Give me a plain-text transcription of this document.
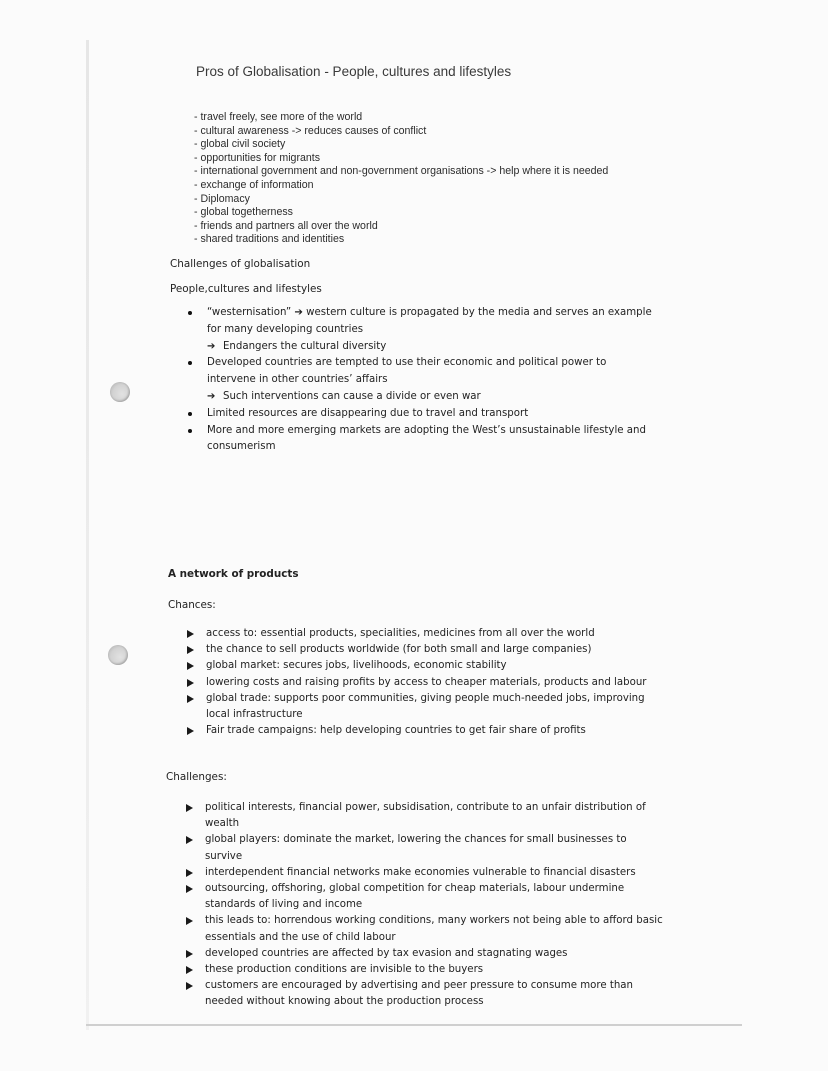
Pros of Globalisation - People, cultures and lifestyles
- travel freely, see more of the world
- cultural awareness -> reduces causes of conflict
- global civil society
- opportunities for migrants
- international government and non-government organisations -> help where it is needed
- exchange of information
- Diplomacy
- global togetherness
- friends and partners all over the world
- shared traditions and identities
Challenges of globalisation
People,cultures and lifestyles
“westernisation” ➔ western culture is propagated by the media and serves an example for many developing countries
➔ Endangers the cultural diversity
Developed countries are tempted to use their economic and political power to intervene in other countries’ affairs
➔ Such interventions can cause a divide or even war
Limited resources are disappearing due to travel and transport
More and more emerging markets are adopting the West’s unsustainable lifestyle and consumerism
A network of products
Chances:
access to: essential products, specialities, medicines from all over the world
the chance to sell products worldwide (for both small and large companies)
global market: secures jobs, livelihoods, economic stability
lowering costs and raising profits by access to cheaper materials, products and labour
global trade: supports poor communities, giving people much-needed jobs, improving local infrastructure
Fair trade campaigns: help developing countries to get fair share of profits
Challenges:
political interests, financial power, subsidisation, contribute to an unfair distribution of wealth
global players: dominate the market, lowering the chances for small businesses to survive
interdependent financial networks make economies vulnerable to financial disasters
outsourcing, offshoring, global competition for cheap materials, labour undermine standards of living and income
this leads to: horrendous working conditions, many workers not being able to afford basic essentials and the use of child labour
developed countries are affected by tax evasion and stagnating wages
these production conditions are invisible to the buyers
customers are encouraged by advertising and peer pressure to consume more than needed without knowing about the production process
